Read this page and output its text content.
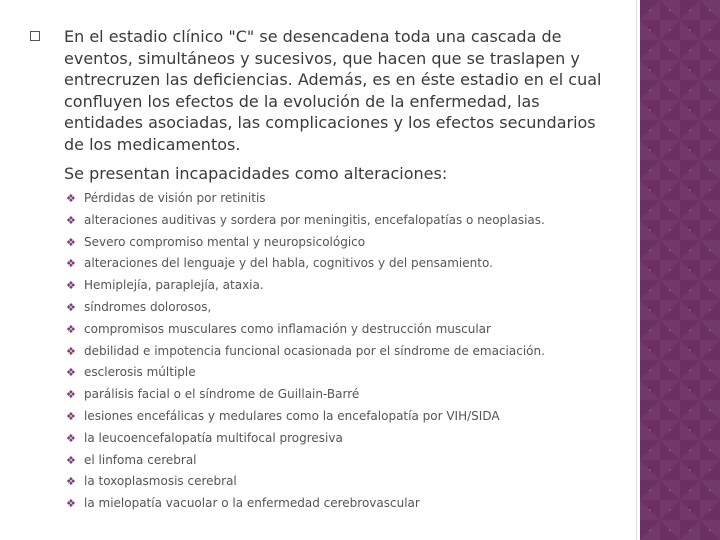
En el estadio clínico "C" se desencadena toda una cascada de eventos, simultáneos y sucesivos, que hacen que se traslapen y entrecruzen las deficiencias. Además, es en éste estadio en el cual confluyen los efectos de la evolución de la enfermedad, las entidades asociadas, las complicaciones y los efectos secundarios de los medicamentos.

Se presentan incapacidades como alteraciones:

❖ Pérdidas de visión por retinitis
❖ alteraciones auditivas y sordera por meningitis, encefalopatías o neoplasias.
❖ Severo compromiso mental y neuropsicológico
❖ alteraciones del lenguaje y del habla, cognitivos y del pensamiento.
❖ Hemiplejía, paraplejía, ataxia.
❖ síndromes dolorosos,
❖ compromisos musculares como inflamación y destrucción muscular
❖ debilidad e impotencia funcional ocasionada por el síndrome de emaciación.
❖ esclerosis múltiple
❖ parálisis facial o el síndrome de Guillain-Barré
❖ lesiones encefálicas y medulares como la encefalopatía por VIH/SIDA
❖ la leucoencefalopatía multifocal progresiva
❖ el linfoma cerebral
❖ la toxoplasmosis cerebral
❖ la mielopatía vacuolar o la enfermedad cerebrovascular
